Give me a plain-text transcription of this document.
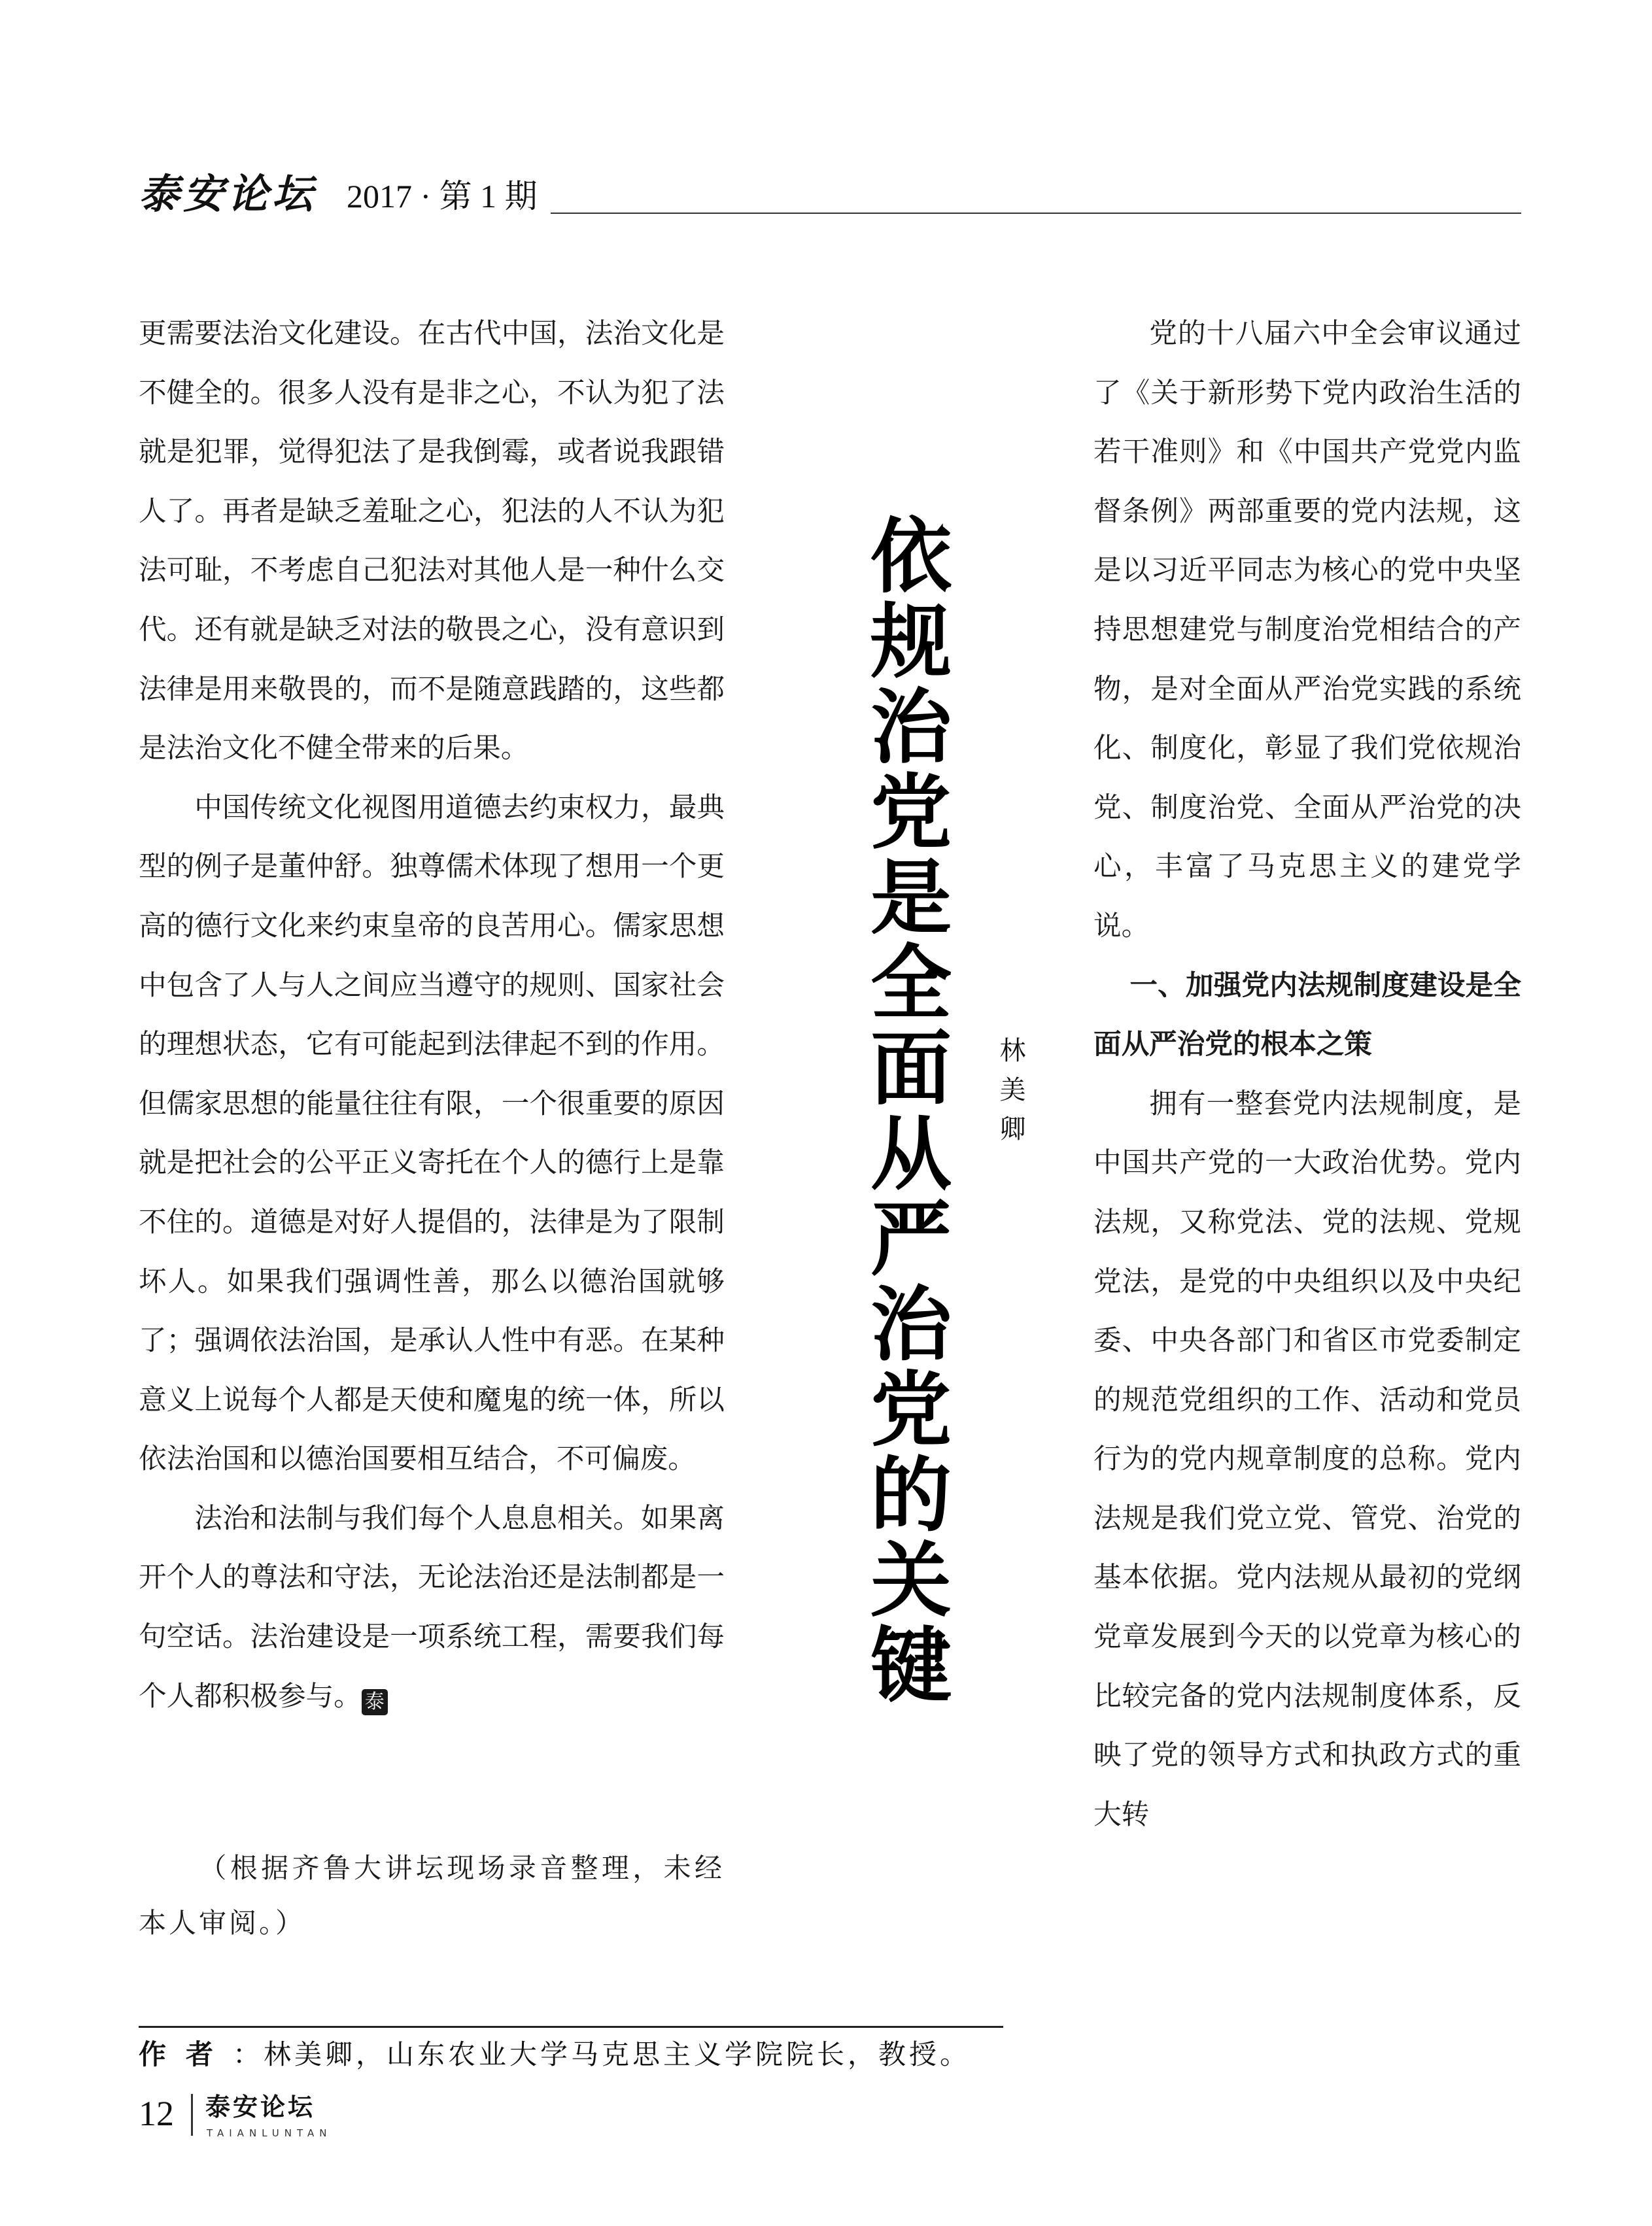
泰安论坛 2017 · 第 1 期

更需要法治文化建设。在古代中国，法治文化是不健全的。很多人没有是非之心，不认为犯了法就是犯罪，觉得犯法了是我倒霉，或者说我跟错人了。再者是缺乏羞耻之心，犯法的人不认为犯法可耻，不考虑自己犯法对其他人是一种什么交代。还有就是缺乏对法的敬畏之心，没有意识到法律是用来敬畏的，而不是随意践踏的，这些都是法治文化不健全带来的后果。

中国传统文化视图用道德去约束权力，最典型的例子是董仲舒。独尊儒术体现了想用一个更高的德行文化来约束皇帝的良苦用心。儒家思想中包含了人与人之间应当遵守的规则、国家社会的理想状态，它有可能起到法律起不到的作用。但儒家思想的能量往往有限，一个很重要的原因就是把社会的公平正义寄托在个人的德行上是靠不住的。道德是对好人提倡的，法律是为了限制坏人。如果我们强调性善，那么以德治国就够了；强调依法治国，是承认人性中有恶。在某种意义上说每个人都是天使和魔鬼的统一体，所以依法治国和以德治国要相互结合，不可偏废。

法治和法制与我们每个人息息相关。如果离开个人的尊法和守法，无论法治还是法制都是一句空话。法治建设是一项系统工程，需要我们每个人都积极参与。 泰

（根据齐鲁大讲坛现场录音整理，未经本人审阅。）

依规治党是全面从严治党的关键	林美卿

党的十八届六中全会审议通过了《关于新形势下党内政治生活的若干准则》和《中国共产党党内监督条例》两部重要的党内法规，这是以习近平同志为核心的党中央坚持思想建党与制度治党相结合的产物，是对全面从严治党实践的系统化、制度化，彰显了我们党依规治党、制度治党、全面从严治党的决心，丰富了马克思主义的建党学说。

一、加强党内法规制度建设是全面从严治党的根本之策

拥有一整套党内法规制度，是中国共产党的一大政治优势。党内法规，又称党法、党的法规、党规党法，是党的中央组织以及中央纪委、中央各部门和省区市党委制定的规范党组织的工作、活动和党员行为的党内规章制度的总称。党内法规是我们党立党、管党、治党的基本依据。党内法规从最初的党纲党章发展到今天的以党章为核心的比较完备的党内法规制度体系，反映了党的领导方式和执政方式的重大转

作者：林美卿，山东农业大学马克思主义学院院长，教授。
12 泰安论坛
TAIANLUNTAN
